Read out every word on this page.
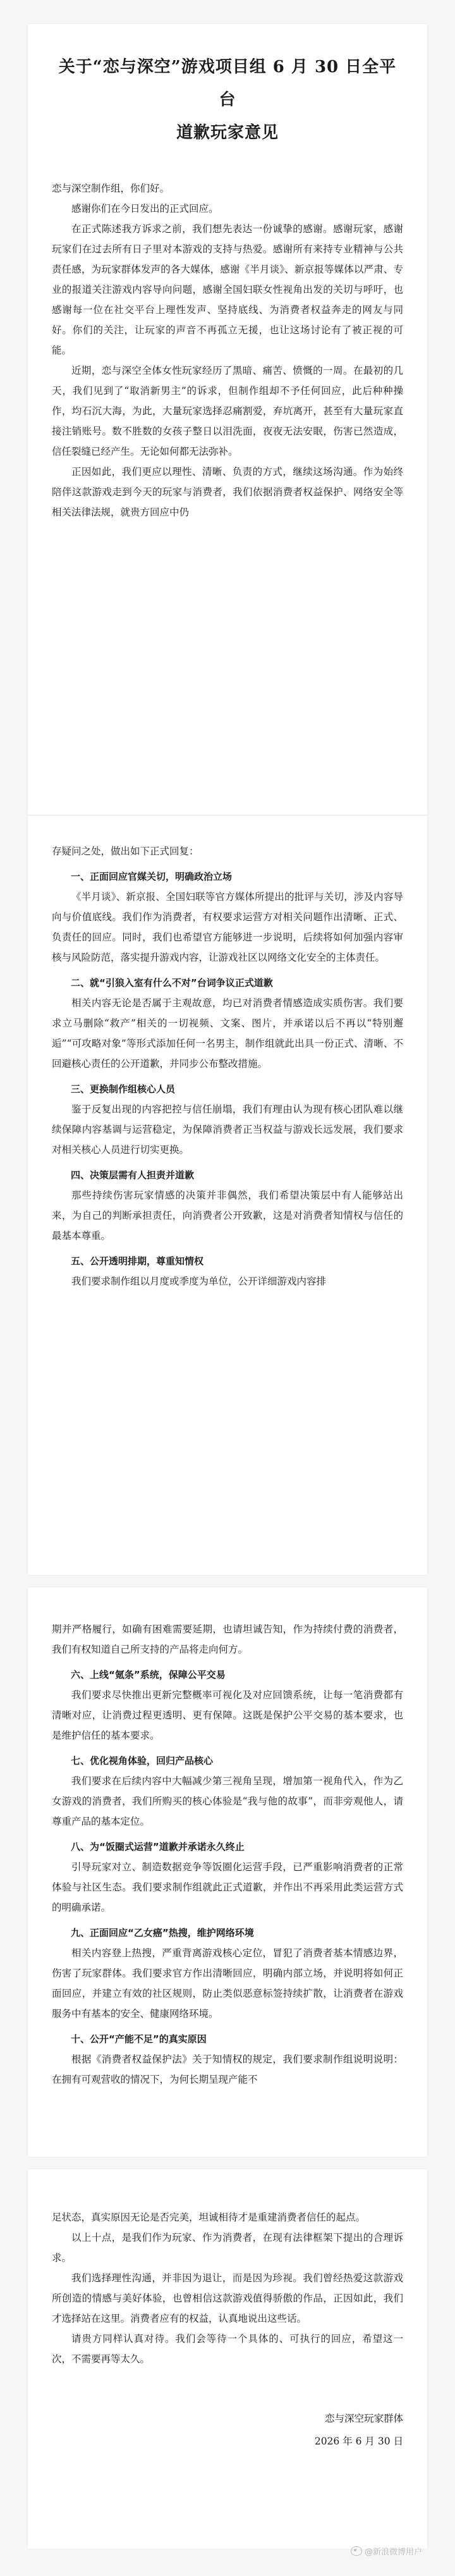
关于“恋与深空”游戏项目组 6 月 30 日全平台
道歉玩家意见

恋与深空制作组，你们好。

感谢你们在今日发出的正式回应。

在正式陈述我方诉求之前，我们想先表达一份诚挚的感谢。感谢玩家，感谢玩家们在过去所有日子里对本游戏的支持与热爱。感谢所有来持专业精神与公共责任感，为玩家群体发声的各大媒体，感谢《半月谈》、新京报等媒体以严肃、专业的报道关注游戏内容导向问题，感谢全国妇联女性视角出发的关切与呼吁，也感谢每一位在社交平台上理性发声、坚持底线、为消费者权益奔走的网友与同好。你们的关注，让玩家的声音不再孤立无援，也让这场讨论有了被正视的可能。

近期，恋与深空全体女性玩家经历了黑暗、痛苦、愤慨的一周。在最初的几天，我们见到了“取消新男主”的诉求，但制作组却不予任何回应，此后种种操作，均石沉大海，为此，大量玩家选择忍痛割爱，弃坑离开，甚至有大量玩家直接注销账号。数不胜数的女孩子整日以泪洗面，夜夜无法安眠，伤害已然造成，信任裂缝已经产生。无论如何都无法弥补。

正因如此，我们更应以理性、清晰、负责的方式，继续这场沟通。作为始终陪伴这款游戏走到今天的玩家与消费者，我们依据消费者权益保护、网络安全等相关法律法规，就贵方回应中仍

存疑问之处，做出如下正式回复：

一、正面回应官媒关切，明确政治立场

《半月谈》、新京报、全国妇联等官方媒体所提出的批评与关切，涉及内容导向与价值底线。我们作为消费者，有权要求运营方对相关问题作出清晰、正式、负责任的回应。同时，我们也希望官方能够进一步说明，后续将如何加强内容审核与风险防范，落实提升游戏内容，让游戏社区以网络文化安全的主体责任。

二、就“引狼入室有什么不对”台词争议正式道歉

相关内容无论是否属于主观故意，均已对消费者情感造成实质伤害。我们要求立马删除“救产”相关的一切视频、文案、图片，并承诺以后不再以“特别邂逅”“可攻略对象”等形式添加任何一名男主，制作组就此出具一份正式、清晰、不回避核心责任的公开道歉，并同步公布整改措施。

三、更换制作组核心人员

鉴于反复出现的内容把控与信任崩塌，我们有理由认为现有核心团队难以继续保障内容基调与运营稳定，为保障消费者正当权益与游戏长远发展，我们要求对相关核心人员进行切实更换。

四、决策层需有人担责并道歉

那些持续伤害玩家情感的决策并非偶然，我们希望决策层中有人能够站出来，为自己的判断承担责任，向消费者公开致歉，这是对消费者知情权与信任的最基本尊重。

五、公开透明排期，尊重知情权

我们要求制作组以月度或季度为单位，公开详细游戏内容排

期并严格履行，如确有困难需要延期，也请坦诚告知，作为持续付费的消费者，我们有权知道自己所支持的产品将走向何方。

六、上线“氪条”系统，保障公平交易

我们要求尽快推出更新完整概率可视化及对应回馈系统，让每一笔消费都有清晰对应，让消费过程更透明、更有保障。这既是保护公平交易的基本要求，也是维护信任的基本要求。

七、优化视角体验，回归产品核心

我们要求在后续内容中大幅减少第三视角呈现，增加第一视角代入，作为乙女游戏的消费者，我们所购买的核心体验是“我与他的故事”，而非旁观他人，请尊重产品的基本定位。

八、为“饭圈式运营”道歉并承诺永久终止

引导玩家对立、制造数据竞争等饭圈化运营手段，已严重影响消费者的正常体验与社区生态。我们要求制作组就此正式道歉，并作出不再采用此类运营方式的明确承诺。

九、正面回应“乙女癌”热搜，维护网络环境

相关内容登上热搜，严重背离游戏核心定位，冒犯了消费者基本情感边界，伤害了玩家群体。我们要求官方作出清晰回应，明确内部立场，并说明将如何正面回应，并建立有效的社区规则，防止类似恶意标签持续扩散，让消费者在游戏服务中有基本的安全、健康网络环境。

十、公开“产能不足”的真实原因

根据《消费者权益保护法》关于知情权的规定，我们要求制作组说明说明：在拥有可观营收的情况下，为何长期呈现产能不

足状态，真实原因无论是否完美，坦诚相待才是重建消费者信任的起点。

以上十点，是我们作为玩家、作为消费者，在现有法律框架下提出的合理诉求。

我们选择理性沟通，并非因为退让，而是因为珍视。我们曾经热爱这款游戏所创造的情感与美好体验，也曾相信这款游戏值得骄傲的作品，正因如此，我们才选择站在这里。消费者应有的权益，认真地说出这些话。

请贵方同样认真对待。我们会等待一个具体的、可执行的回应，希望这一次，不需要再等太久。

恋与深空玩家群体

2026 年 6 月 30 日

@新浪微博用户
